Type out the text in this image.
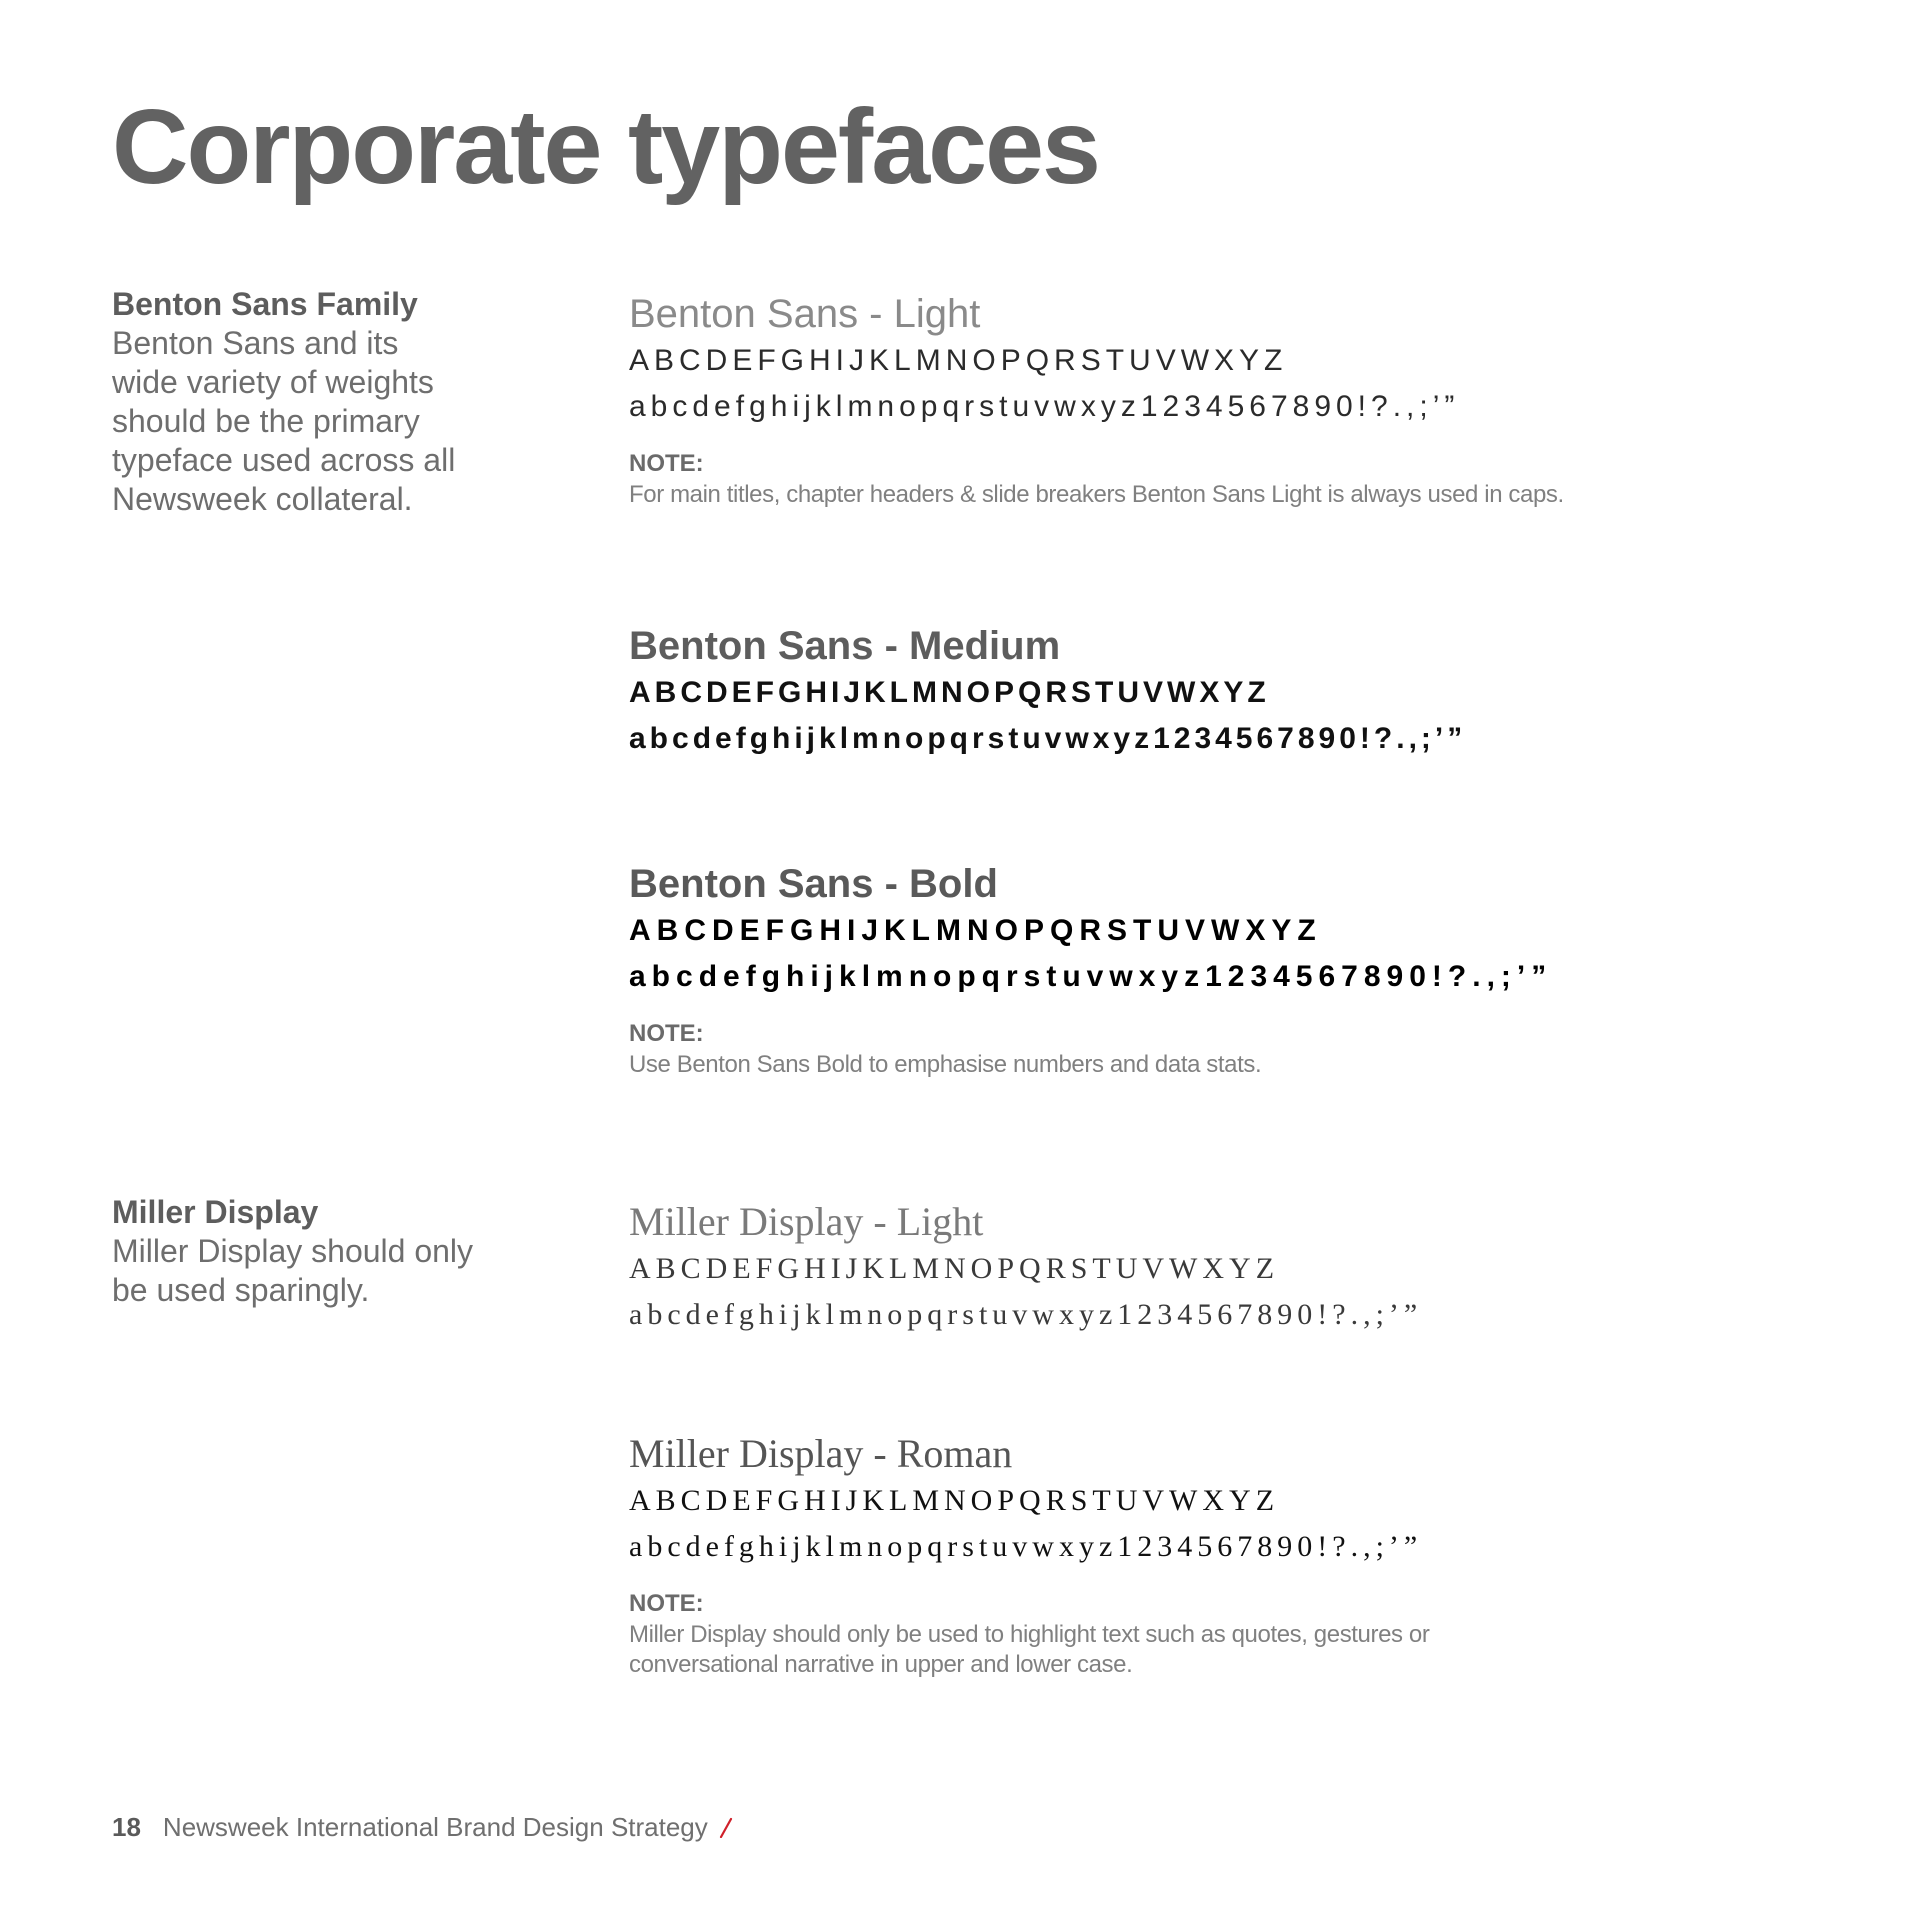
Corporate typefaces
Benton Sans Family
Benton Sans and its wide variety of weights should be the primary typeface used across all Newsweek collateral.
Miller Display
Miller Display should only be used sparingly.
Benton Sans - Light
ABCDEFGHIJKLMNOPQRSTUVWXYZ
abcdefghijklmnopqrstuvwxyz1234567890!?.,;’”
NOTE:
For main titles, chapter headers & slide breakers Benton Sans Light is always used in caps.
Benton Sans - Medium
ABCDEFGHIJKLMNOPQRSTUVWXYZ
abcdefghijklmnopqrstuvwxyz1234567890!?.,;’”
Benton Sans - Bold
ABCDEFGHIJKLMNOPQRSTUVWXYZ
abcdefghijklmnopqrstuvwxyz1234567890!?.,;’”
NOTE:
Use Benton Sans Bold to emphasise numbers and data stats.
Miller Display - Light
ABCDEFGHIJKLMNOPQRSTUVWXYZ
abcdefghijklmnopqrstuvwxyz1234567890!?.,;’”
Miller Display - Roman
ABCDEFGHIJKLMNOPQRSTUVWXYZ
abcdefghijklmnopqrstuvwxyz1234567890!?.,;’”
NOTE:
Miller Display should only be used to highlight text such as quotes, gestures or conversational narrative in upper and lower case.
18 Newsweek International Brand Design Strategy
